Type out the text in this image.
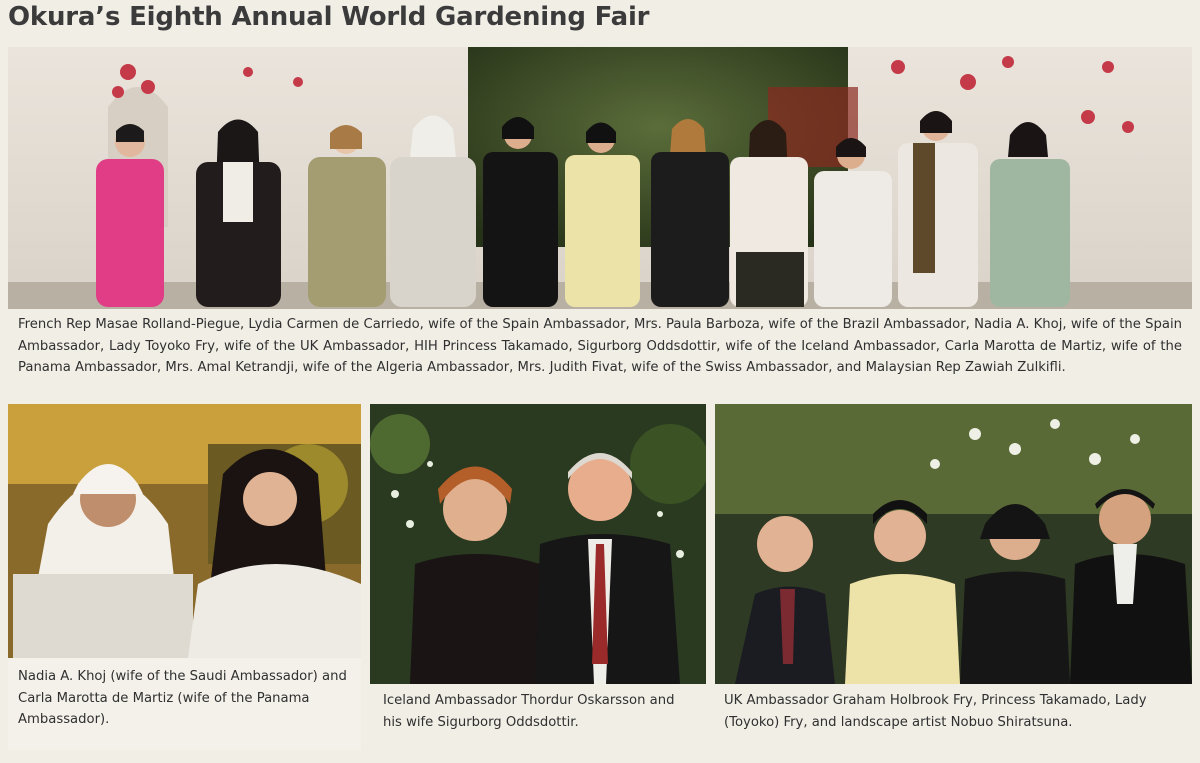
Okura’s Eighth Annual World Gardening Fair
French Rep Masae Rolland-Piegue, Lydia Carmen de Carriedo, wife of the Spain Ambassador, Mrs. Paula Barboza, wife of the Brazil Ambassador, Nadia A. Khoj, wife of the Spain Ambassador, Lady Toyoko Fry, wife of the UK Ambassador, HIH Princess Takamado, Sigurborg Oddsdottir, wife of the Iceland Ambassador, Carla Marotta de Martiz, wife of the Panama Ambassador, Mrs. Amal Ketrandji, wife of the Algeria Ambassador, Mrs. Judith Fivat, wife of the Swiss Ambassador, and Malaysian Rep Zawiah Zulkifli.
Nadia A. Khoj (wife of the Saudi Ambassador) and Carla Marotta de Martiz (wife of the Panama Ambassador).
Iceland Ambassador Thordur Oskarsson and his wife Sigurborg Oddsdottir.
UK Ambassador Graham Holbrook Fry, Princess Takamado, Lady (Toyoko) Fry, and landscape artist Nobuo Shiratsuna.
